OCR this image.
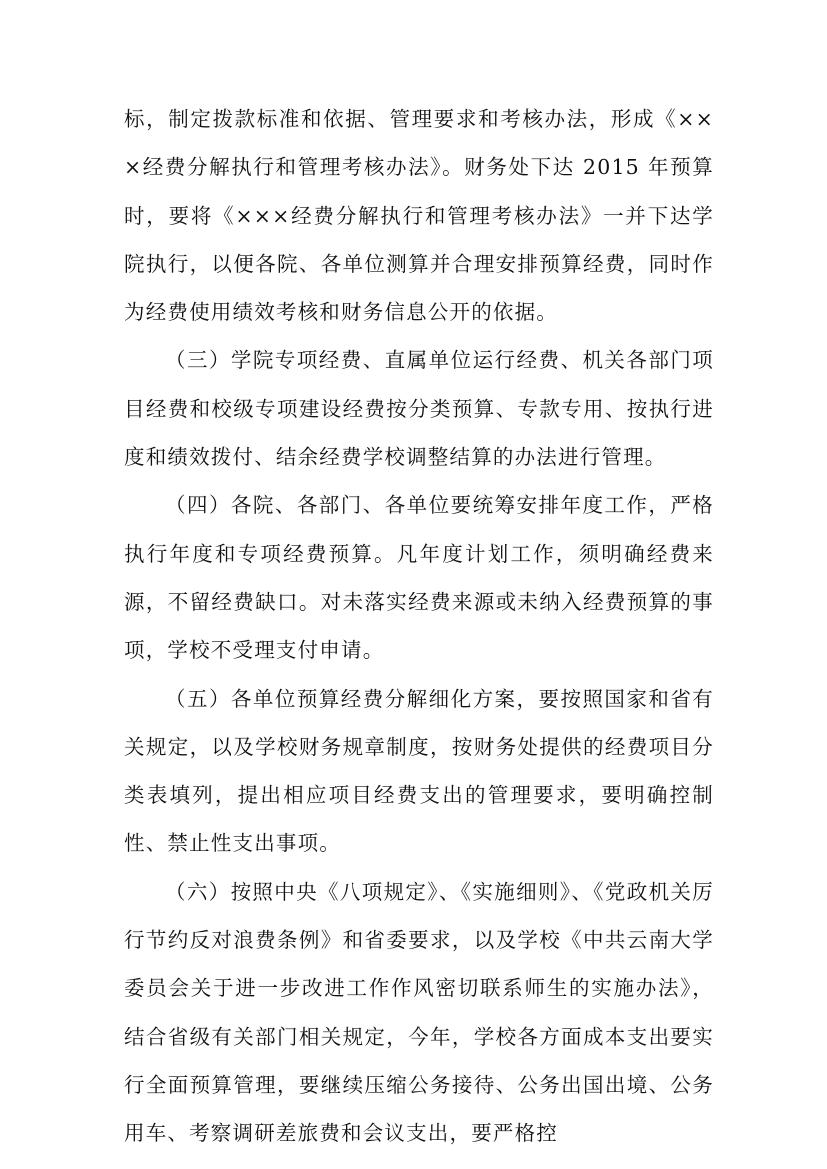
标，制定拨款标准和依据、管理要求和考核办法，形成《×××经费分解执行和管理考核办法》。财务处下达 2015 年预算时，要将《×××经费分解执行和管理考核办法》一并下达学院执行，以便各院、各单位测算并合理安排预算经费，同时作为经费使用绩效考核和财务信息公开的依据。

（三）学院专项经费、直属单位运行经费、机关各部门项目经费和校级专项建设经费按分类预算、专款专用、按执行进度和绩效拨付、结余经费学校调整结算的办法进行管理。

（四）各院、各部门、各单位要统筹安排年度工作，严格执行年度和专项经费预算。凡年度计划工作，须明确经费来源，不留经费缺口。对未落实经费来源或未纳入经费预算的事项，学校不受理支付申请。

（五）各单位预算经费分解细化方案，要按照国家和省有关规定，以及学校财务规章制度，按财务处提供的经费项目分类表填列，提出相应项目经费支出的管理要求，要明确控制性、禁止性支出事项。

（六）按照中央《八项规定》、《实施细则》、《党政机关厉行节约反对浪费条例》和省委要求，以及学校《中共云南大学委员会关于进一步改进工作作风密切联系师生的实施办法》，结合省级有关部门相关规定，今年，学校各方面成本支出要实行全面预算管理，要继续压缩公务接待、公务出国出境、公务用车、考察调研差旅费和会议支出，要严格控
